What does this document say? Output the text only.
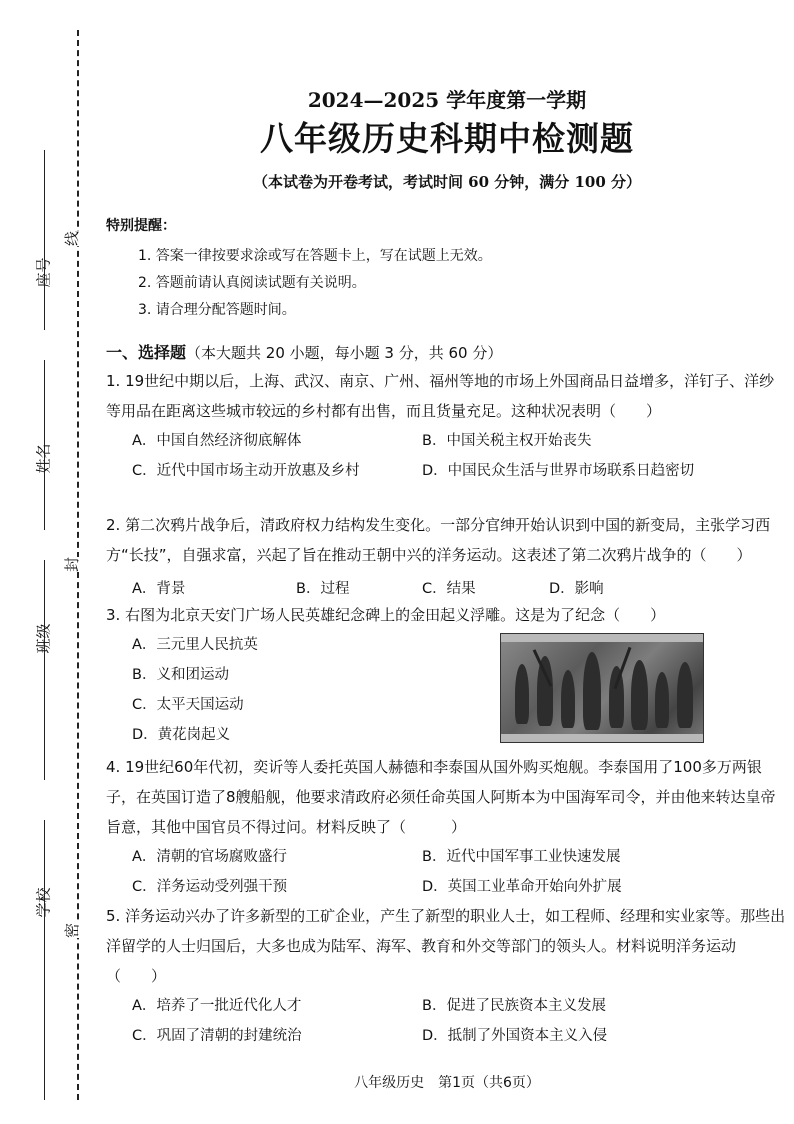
座号
姓名
班级
学校
线
封
密
2024—2025 学年度第一学期
八年级历史科期中检测题
（本试卷为开卷考试，考试时间 60 分钟，满分 100 分）
特别提醒：
1. 答案一律按要求涂或写在答题卡上，写在试题上无效。
2. 答题前请认真阅读试题有关说明。
3. 请合理分配答题时间。
一、选择题（本大题共 20 小题，每小题 3 分，共 60 分）
1. 19世纪中期以后，上海、武汉、南京、广州、福州等地的市场上外国商品日益增多，洋钉子、洋纱等用品在距离这些城市较远的乡村都有出售，而且货量充足。这种状况表明（　　）
A．中国自然经济彻底解体	B．中国关税主权开始丧失
C．近代中国市场主动开放惠及乡村	D．中国民众生活与世界市场联系日趋密切
2. 第二次鸦片战争后，清政府权力结构发生变化。一部分官绅开始认识到中国的新变局，主张学习西方“长技”，自强求富，兴起了旨在推动王朝中兴的洋务运动。这表述了第二次鸦片战争的（　　）
A．背景	B．过程	C．结果	D．影响
3. 右图为北京天安门广场人民英雄纪念碑上的金田起义浮雕。这是为了纪念（　　）
A．三元里人民抗英
B．义和团运动
C．太平天国运动
D．黄花岗起义
4. 19世纪60年代初，奕䜣等人委托英国人赫德和李泰国从国外购买炮舰。李泰国用了100多万两银子，在英国订造了8艘船舰，他要求清政府必须任命英国人阿斯本为中国海军司令，并由他来转达皇帝旨意，其他中国官员不得过问。材料反映了（　　　）
A．清朝的官场腐败盛行	B．近代中国军事工业快速发展
C．洋务运动受列强干预	D．英国工业革命开始向外扩展
5. 洋务运动兴办了许多新型的工矿企业，产生了新型的职业人士，如工程师、经理和实业家等。那些出洋留学的人士归国后，大多也成为陆军、海军、教育和外交等部门的领头人。材料说明洋务运动（　　）
A．培养了一批近代化人才	B．促进了民族资本主义发展
C．巩固了清朝的封建统治	D．抵制了外国资本主义入侵
八年级历史　第1页（共6页）
